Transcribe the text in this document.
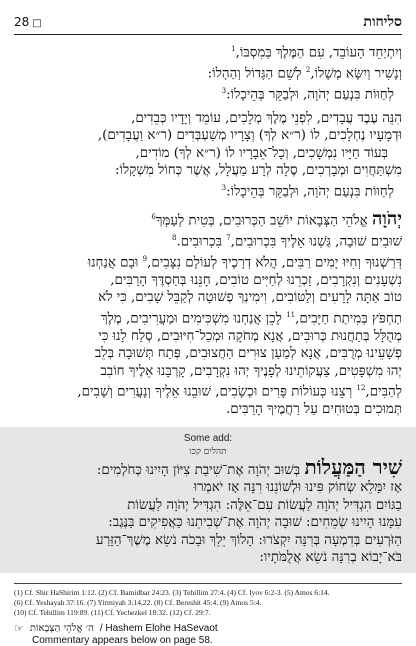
28 □	סליחות

וְיִתְיַחֵד הָעוֹבֵד, עִם הַמֶּלֶךְ בְּמִסְבּוֹ,$^1$

וְנָשִׁיר וְיִשָּׂא מְשָׁלוֹ,$^2$ לְשֵׁם הַגָּדוֹל וְהַהָלוֹ:

לְחַוּוֹת בִּנְעַם יְהֹוָה, וּלְבַקֵּר בְּהֵיכָלוֹ:$^3$

הִנֵּה עֶבֶד עֲבָדִים, לִפְנֵי מֶלֶךְ מְלָכִים, עוֹמֵד וְיָדָיו כְּבֵדִים,

וּדְמָעָיו נֶחְלָכִים, לוֹ (ר״א לְךָ) וְצָרָיו מְשַׁעְבְּדִים (ר״א וַעֲבָדִים),

בְּעוֹד חַיָּיו נִמְשָׁכִים, וְכָל־אֵבָרָיו לוֹ (ר״א לְךָ) מוֹדִים,

מִשְׁתַּחֲוִים וּמְבָרְכִים, סֶלָה לְרָע מַעֲלָל, אֲשֶׁר כְּחוֹל מִשְׁקָלוֹ:

לְחַוּוֹת בִּנְעַם יְהֹוָה, וּלְבַקֵּר בְּהֵיכָלוֹ:$^3$

יְהֹוָה אֱלֹהֵי הַצְּבָאוֹת יוֹשֵׁב הַכְּרוּבִים, בְּטִית לְעַמְּךָ$^6$

שׁוּבִים שׁוּבָה, גַּשְׁנוּ אֵלֶיךָ בִּכְרוּבִים,$^7$ בִּכְרוּבִים.$^8$

דְּרַשְׁנוּךָ וְחִיּוּ יָמִים רַבִּים, הֲלֹא דְרָכֶיךָ לְעוֹלָם נִצָּבִים,$^9$ וּבָם אֲנַחְנוּ

נִשְׁעָנִים וְנִקְרָבִים, זָכְרֵנוּ לְחַיִּים טוֹבִים, חָנֵּנוּ בְּחַסְדֶּךָ הָרַבִּים,

טוֹב אַתָּה לָרָעִים וְלַטּוֹבִים, וִימִינְךָ פְשׁוּטָה לְקַבֵּל שָׁבִים, כִּי לֹא

תַחְפֹּץ בְּמִיתַת חַיָּבִים,$^{11}$ לָכֵן אֲנַחְנוּ מִשְׁכִּימִים וּמַעֲרִיבִים, מֶלֶךְ

מְהֻלָּל בְּתַחֲנוּת כְּרוּבִים, אֲנָא מְחֹקָה וּמְכַל־חִיּוּבִים, סְלַח לָנוּ כִּי

פְשָׁעֵינוּ מְרֻבִּים, אֲנָא לְמַעַן צוּרִים הַחֲצוּבִים, פְּתַח תְּשׁוּבָה בְּלֵב

יְהוּ מִשְׁפָּטִים, צַעֲקוֹתֵינוּ לְפָנֶיךָ יְהוּ נִקְרָבִים, קָרְבָּנוּ אֵלֶיךָ חוֹבִב

לְהַבִּים,$^{12}$ רְצֵנוּ כְּעוֹלוֹת פָּרִים וּכְשָׂבִים, שׁוּבֵנוּ אֵלֶיךָ וְנָעֲרִים וְשָׁבִים,

תְּמוּכִים בְּטוּחִים עַל רַחֲמֶיךָ הָרַבִּים.

Some add:
תהלים קכו

שִׁיר הַמַּעֲלוֹת בְּשׁוּב יְהֹוָה אֶת־שִׁיבַת צִיּוֹן הָיִינוּ כְּחֹלְמִים:

אָז יִמָּלֵא שְׂחוֹק פִּינוּ וּלְשׁוֹנֵנוּ רִנָּה אָז יֹאמְרוּ

בַגּוֹיִם הִגְדִּיל יְהֹוָה לַעֲשׂוֹת עִם־אֵלֶּה: הִגְדִּיל יְהֹוָה לַעֲשׂוֹת

עִמָּנוּ הָיִינוּ שְׂמֵחִים: שׁוּבָה יְהֹוָה אֶת־שְׁבִיתֵנוּ כַּאֲפִיקִים בַּנֶּגֶב:

הַזֹּרְעִים בְּדִמְעָה בְּרִנָּה יִקְצֹרוּ: הָלוֹךְ יֵלֵךְ וּבָכֹה נֹשֵׂא מֶשֶׁךְ־הַזָּרַע

בֹּא־יָבוֹא בְרִנָּה נֹשֵׂא אֲלֻמֹּתָיו:

(1) Cf. Shir HaShirim 1:12. (2) Cf. Bamidbar 24:23. (3) Tehillim 27:4. (4) Cf. Iyov 6:2-3. (5) Amos 6:14.
(6) Cf. Yeshayah 37:16. (7) Yirmiyah 3:14,22. (8) Cf. Bereshit 45:4. (9) Amos 5:4.
(10) Cf. Tehillim 119:89. (11) Cf. Yechezkel 18:32. (12) Cf. 29:7.
☞ ה׳ אֱלֹהֵי הַצְּבָאוֹת / Hashem Elohe HaSevaot
Commentary appears below on page 58.
